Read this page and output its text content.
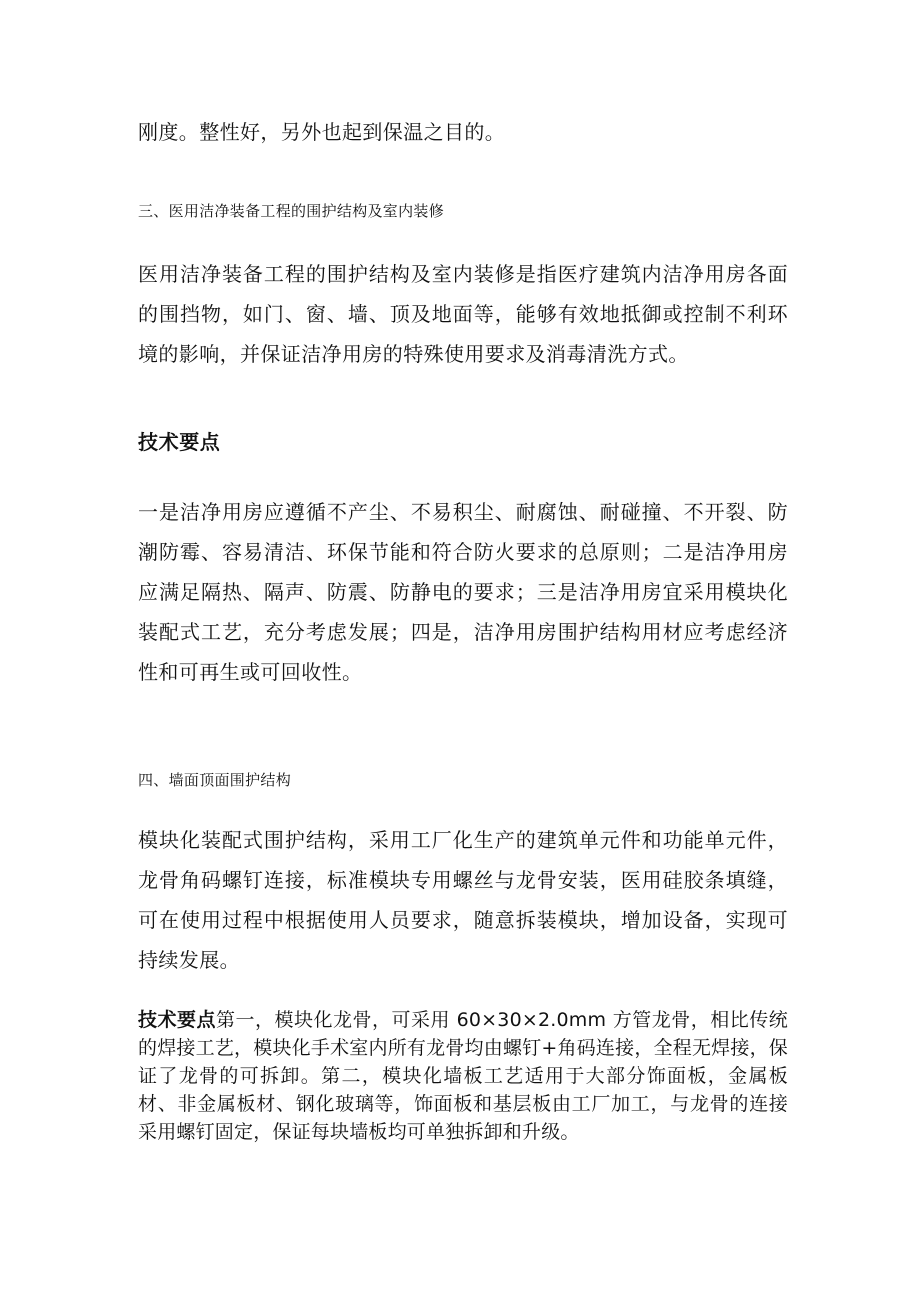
刚度。整性好，另外也起到保温之目的。

三、医用洁净装备工程的围护结构及室内装修

医用洁净装备工程的围护结构及室内装修是指医疗建筑内洁净用房各面的围挡物，如门、窗、墙、顶及地面等，能够有效地抵御或控制不利环境的影响，并保证洁净用房的特殊使用要求及消毒清洗方式。

技术要点

一是洁净用房应遵循不产尘、不易积尘、耐腐蚀、耐碰撞、不开裂、防潮防霉、容易清洁、环保节能和符合防火要求的总原则；二是洁净用房应满足隔热、隔声、防震、防静电的要求；三是洁净用房宜采用模块化装配式工艺，充分考虑发展；四是，洁净用房围护结构用材应考虑经济性和可再生或可回收性。

四、墙面顶面围护结构

模块化装配式围护结构，采用工厂化生产的建筑单元件和功能单元件，龙骨角码螺钉连接，标准模块专用螺丝与龙骨安装，医用硅胶条填缝，可在使用过程中根据使用人员要求，随意拆装模块，增加设备，实现可持续发展。

技术要点第一，模块化龙骨，可采用 60×30×2.0mm 方管龙骨，相比传统的焊接工艺，模块化手术室内所有龙骨均由螺钉+角码连接，全程无焊接，保证了龙骨的可拆卸。第二，模块化墙板工艺适用于大部分饰面板，金属板材、非金属板材、钢化玻璃等，饰面板和基层板由工厂加工，与龙骨的连接采用螺钉固定，保证每块墙板均可单独拆卸和升级。
